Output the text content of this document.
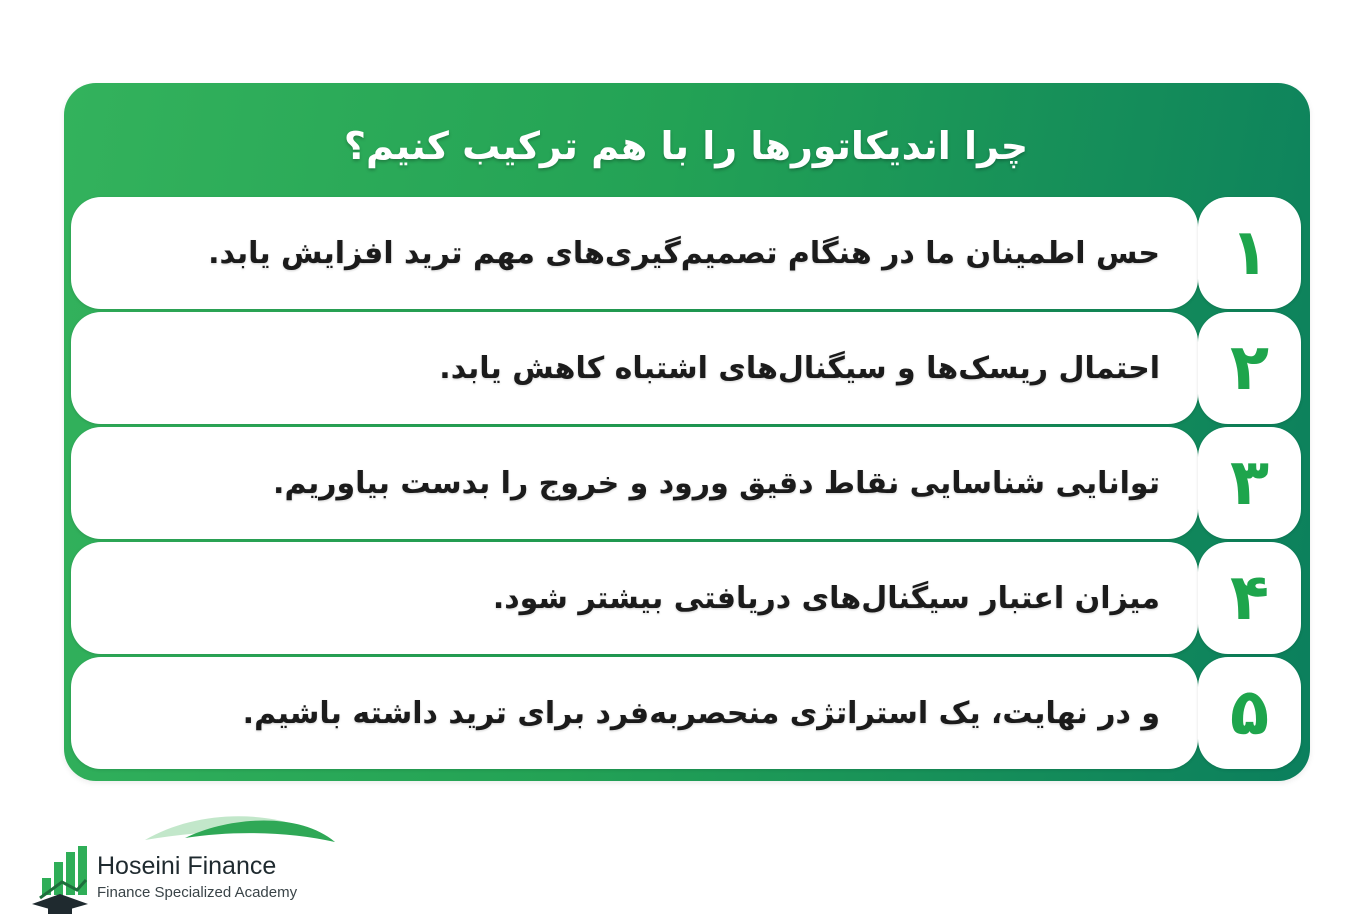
چرا اندیکاتورها را با هم ترکیب کنیم؟
حس اطمینان ما در هنگام تصمیم‌گیری‌های مهم ترید افزایش یابد. ۱
احتمال ریسک‌ها و سیگنال‌های اشتباه کاهش یابد. ۲
توانایی شناسایی نقاط دقیق ورود و خروج را بدست بیاوریم. ۳
میزان اعتبار سیگنال‌های دریافتی بیشتر شود. ۴
و در نهایت، یک استراتژی منحصربه‌فرد برای ترید داشته باشیم. ۵
Hoseini Finance
Finance Specialized Academy
